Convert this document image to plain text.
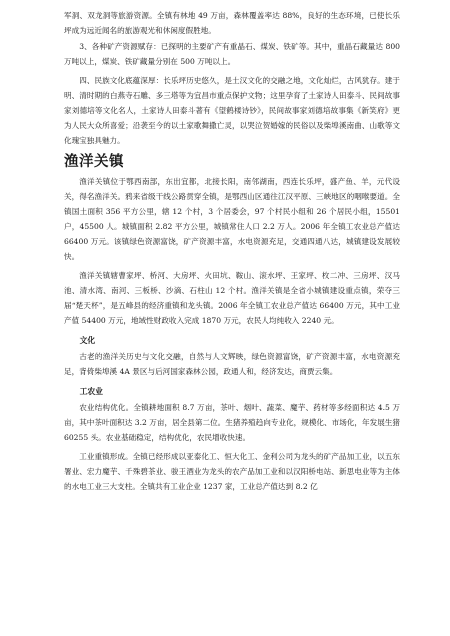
军洞、双龙洞等旅游资源。全镇有林地 49 万亩，森林覆盖率达 88%，良好的生态环境，已使长乐坪成为远近闻名的旅游观光和休闲度假胜地。

3、各种矿产资源赋存：已探明的主要矿产有重晶石、煤炭、铁矿等。其中，重晶石藏量达 800 万吨以上，煤炭、铁矿藏量分别在 500 万吨以上。

四、民族文化底蕴深厚：长乐坪历史悠久，是土汉文化的交融之地，文化灿烂，古风犹存。建于明、清时期的白燕寺石雕、多三塔等为宜昌市重点保护文物；这里孕育了土家诗人田泰斗、民间故事家刘德培等文化名人，土家诗人田泰斗著有《望鹤楼诗钞》，民间故事家刘德培故事集《新笑府》更为人民大众所喜爱；沿袭至今的以土家歌舞撒亡灵，以哭泣贺婚嫁的民俗以及柴埠溪南曲、山歌等文化瑰宝独具魅力。

渔洋关镇

渔洋关镇位于鄂西南部，东出宜都，北接长阳，南邻湖南，西连长乐坪，盛产鱼、羊，元代设关，得名渔洋关。鸦来省级干线公路贯穿全镇，是鄂西山区通往江汉平原、三峡地区的咽喉要道。全镇国土面积 356 平方公里，辖 12 个村，3 个居委会，97 个村民小组和 26 个居民小组，15501 户，45500 人。城镇面积 2.82 平方公里，城镇常住人口 2.2 万人。2006 年全镇工农业总产值达 66400 万元。该镇绿色资源富饶，矿产资源丰富，水电资源充足，交通四通八达，城镇建设发展较快。

渔洋关镇辖曹家坪、桥河、大房坪、火田坑、鞍山、滚水坪、王家坪、枚二冲、三房坪、汉马池、清水湾、南河、三板桥、沙滴、石柱山 12 个村。渔洋关镇是全省小城镇建设重点镇，荣夺三届“楚天杯”，是五峰县的经济重镇和龙头镇。2006 年全镇工农业总产值达 66400 万元，其中工业产值 54400 万元，地域性财政收入完成 1870 万元，农民人均纯收入 2240 元。

文化

古老的渔洋关历史与文化交融，自然与人文辉映，绿色资源富饶，矿产资源丰富，水电资源充足，背倚柴埠溪 4A 景区与后河国家森林公园，政通人和，经济发达，商贾云集。

工农业

农业结构优化。全镇耕地面积 8.7 万亩，茶叶、烟叶、蔬菜、魔芋、药材等多经面积达 4.5 万亩，其中茶叶面积达 3.2 万亩，居全县第二位。生猪养殖趋向专业化，规模化、市场化，年发展生猪 60255 头。农业基础稳定，结构优化，农民增收快速。

工业重镇形成。全镇已经形成以亚泰化工、恒大化工、金利公司为龙头的矿产品加工业，以五东署业、宏力魔芋、千殊碧茶业、骏王酒业为龙头的农产品加工业和以汉阳桥电站、新思电业等为主体的水电工业三大支柱。全镇共有工业企业 1237 家，工业总产值达到 8.2 亿
